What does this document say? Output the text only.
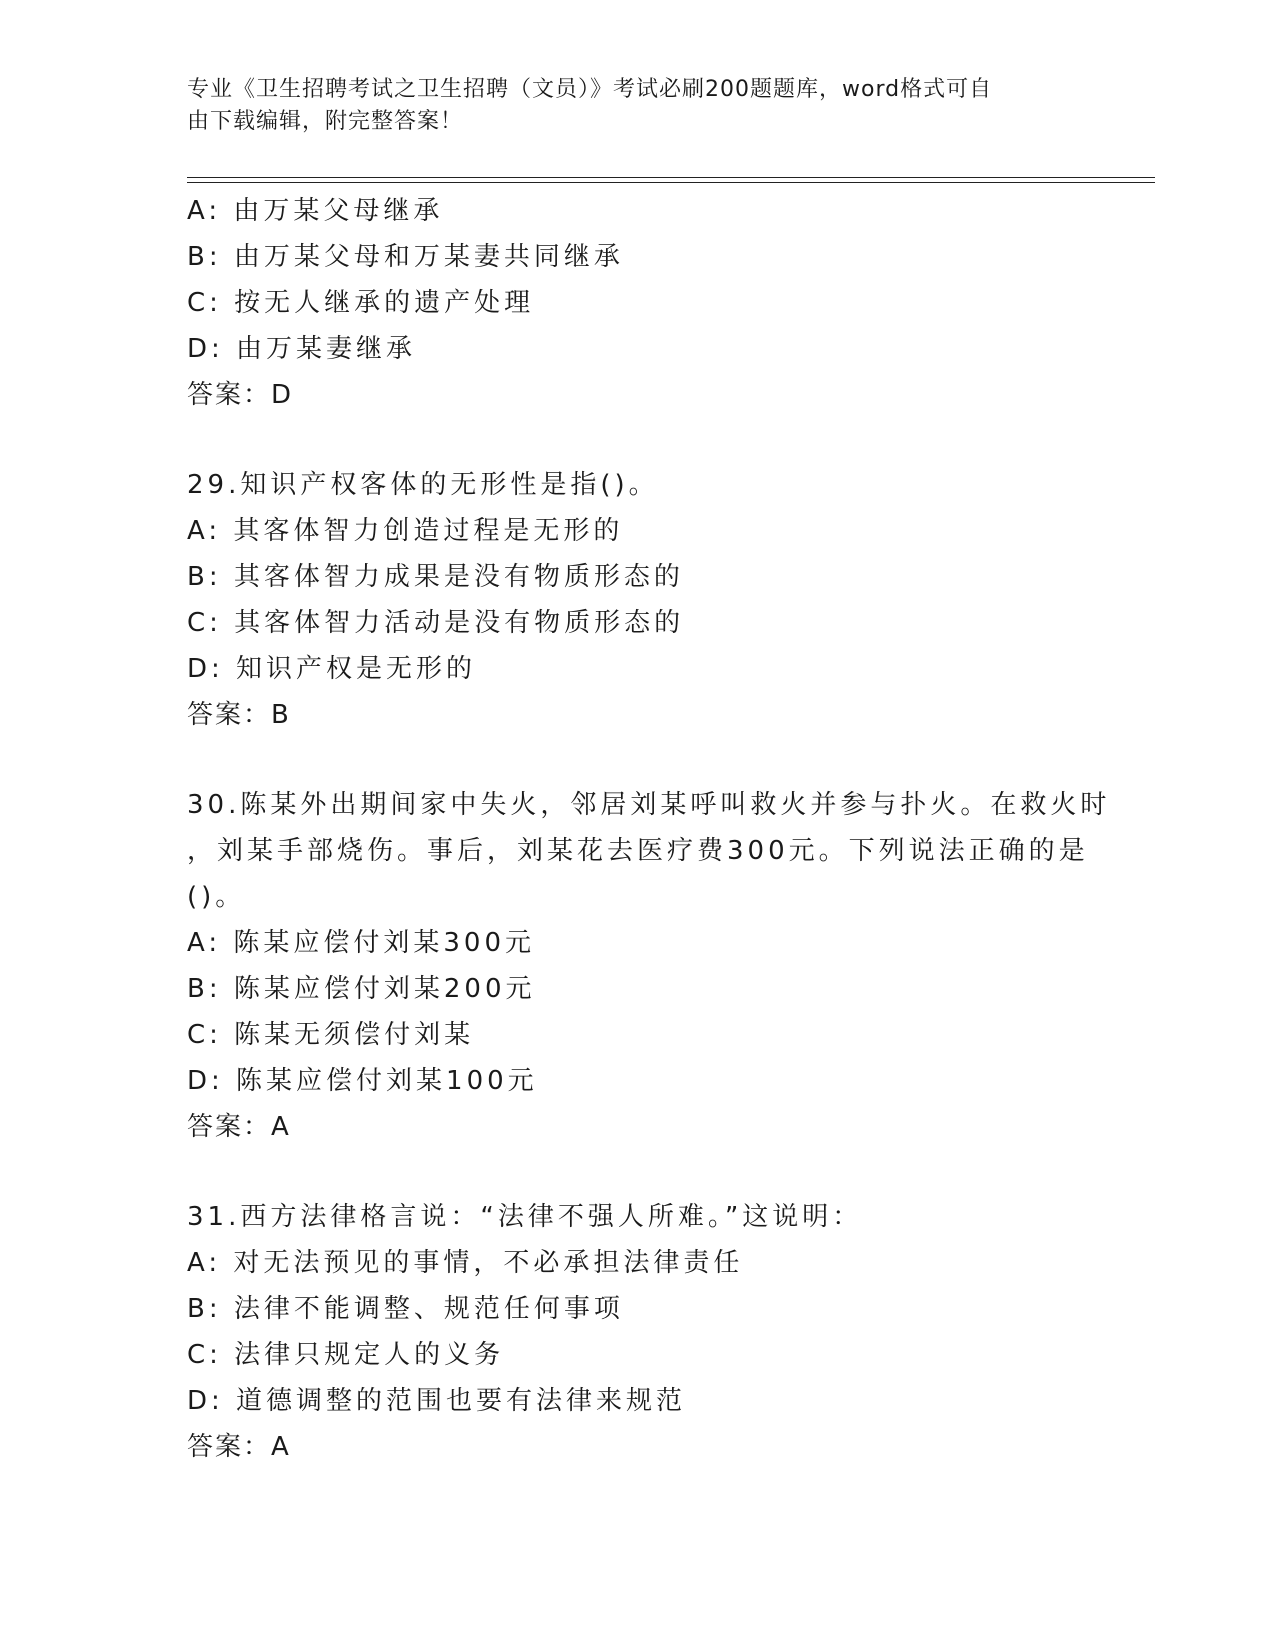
专业《卫生招聘考试之卫生招聘（文员）》考试必刷200题题库，word格式可自
由下载编辑，附完整答案！
A: 由万某父母继承
B: 由万某父母和万某妻共同继承
C: 按无人继承的遗产处理
D: 由万某妻继承
答案：D
29.知识产权客体的无形性是指()。
A: 其客体智力创造过程是无形的
B: 其客体智力成果是没有物质形态的
C: 其客体智力活动是没有物质形态的
D: 知识产权是无形的
答案：B
30.陈某外出期间家中失火，邻居刘某呼叫救火并参与扑火。在救火时
，刘某手部烧伤。事后，刘某花去医疗费300元。下列说法正确的是
()。
A: 陈某应偿付刘某300元
B: 陈某应偿付刘某200元
C: 陈某无须偿付刘某
D: 陈某应偿付刘某100元
答案：A
31.西方法律格言说：“法律不强人所难。”这说明：
A: 对无法预见的事情，不必承担法律责任
B: 法律不能调整、规范任何事项
C: 法律只规定人的义务
D: 道德调整的范围也要有法律来规范
答案：A
